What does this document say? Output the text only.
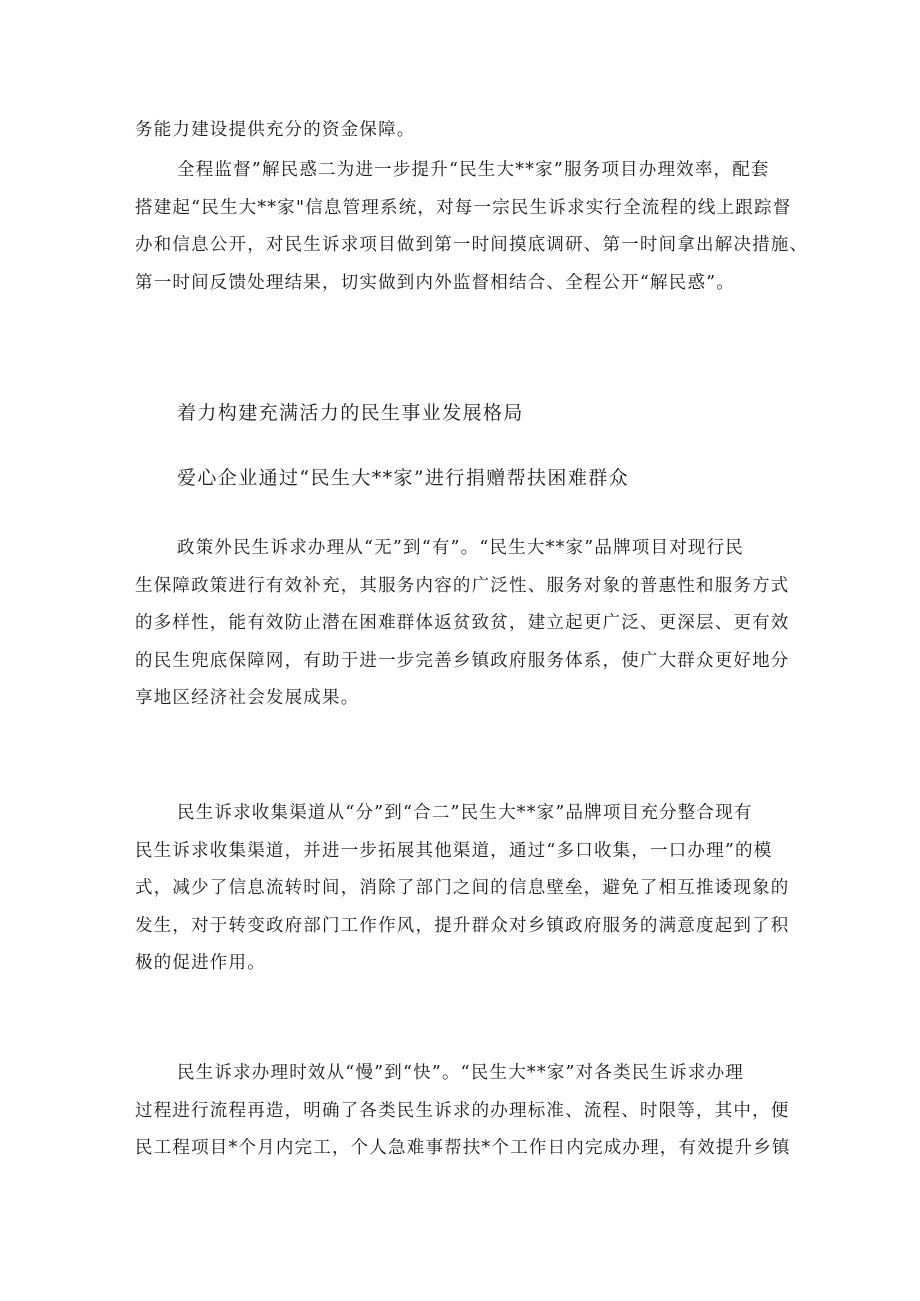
务能力建设提供充分的资金保障。
全程监督”解民惑二为进一步提升“民生大**家”服务项目办理效率，配套
搭建起“民生大**家"信息管理系统，对每一宗民生诉求实行全流程的线上跟踪督
办和信息公开，对民生诉求项目做到第一时间摸底调研、第一时间拿出解决措施、
第一时间反馈处理结果，切实做到内外监督相结合、全程公开“解民惑”。
着力构建充满活力的民生事业发展格局
爱心企业通过“民生大**家”进行捐赠帮扶困难群众
政策外民生诉求办理从“无”到“有”。“民生大**家”品牌项目对现行民
生保障政策进行有效补充，其服务内容的广泛性、服务对象的普惠性和服务方式
的多样性，能有效防止潜在困难群体返贫致贫，建立起更广泛、更深层、更有效
的民生兜底保障网，有助于进一步完善乡镇政府服务体系，使广大群众更好地分
享地区经济社会发展成果。
民生诉求收集渠道从“分”到“合二”民生大**家”品牌项目充分整合现有
民生诉求收集渠道，并进一步拓展其他渠道，通过“多口收集，一口办理”的模
式，减少了信息流转时间，消除了部门之间的信息壁垒，避免了相互推诿现象的
发生，对于转变政府部门工作作风，提升群众对乡镇政府服务的满意度起到了积
极的促进作用。
民生诉求办理时效从“慢”到“快”。“民生大**家”对各类民生诉求办理
过程进行流程再造，明确了各类民生诉求的办理标准、流程、时限等，其中，便
民工程项目*个月内完工，个人急难事帮扶*个工作日内完成办理，有效提升乡镇
